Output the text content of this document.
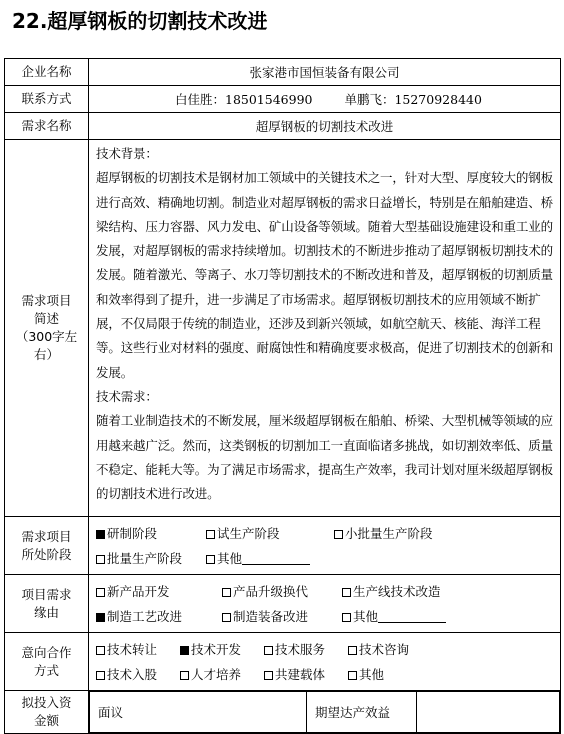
22.超厚钢板的切割技术改进
企业名称	张家港市国恒装备有限公司
联系方式	白佳胜：18501546990	单鹏飞：15270928440
需求名称	超厚钢板的切割技术改进

需求项目
简述
（300字左
右）

技术背景：

超厚钢板的切割技术是钢材加工领域中的关键技术之一，针对大型、厚度较大的钢板进行高效、精确地切割。制造业对超厚钢板的需求日益增长，特别是在船舶建造、桥梁结构、压力容器、风力发电、矿山设备等领域。随着大型基础设施建设和重工业的发展，对超厚钢板的需求持续增加。切割技术的不断进步推动了超厚钢板切割技术的发展。随着激光、等离子、水刀等切割技术的不断改进和普及，超厚钢板的切割质量和效率得到了提升，进一步满足了市场需求。超厚钢板切割技术的应用领域不断扩展，不仅局限于传统的制造业，还涉及到新兴领域，如航空航天、核能、海洋工程等。这些行业对材料的强度、耐腐蚀性和精确度要求极高，促进了切割技术的创新和发展。

技术需求：

随着工业制造技术的不断发展，厘米级超厚钢板在船舶、桥梁、大型机械等领域的应用越来越广泛。然而，这类钢板的切割加工一直面临诸多挑战，如切割效率低、质量不稳定、能耗大等。为了满足市场需求，提高生产效率，我司计划对厘米级超厚钢板的切割技术进行改进。

需求项目
所处阶段

研制阶段	试生产阶段	小批量生产阶段
批量生产阶段	其他

项目需求
缘由

新产品开发	产品升级换代	生产线技术改造
制造工艺改进	制造装备改进	其他

意向合作
方式

技术转让	技术开发	技术服务	技术咨询
技术入股	人才培养	共建载体	其他

拟投入资
金额

面议	期望达产效益	
